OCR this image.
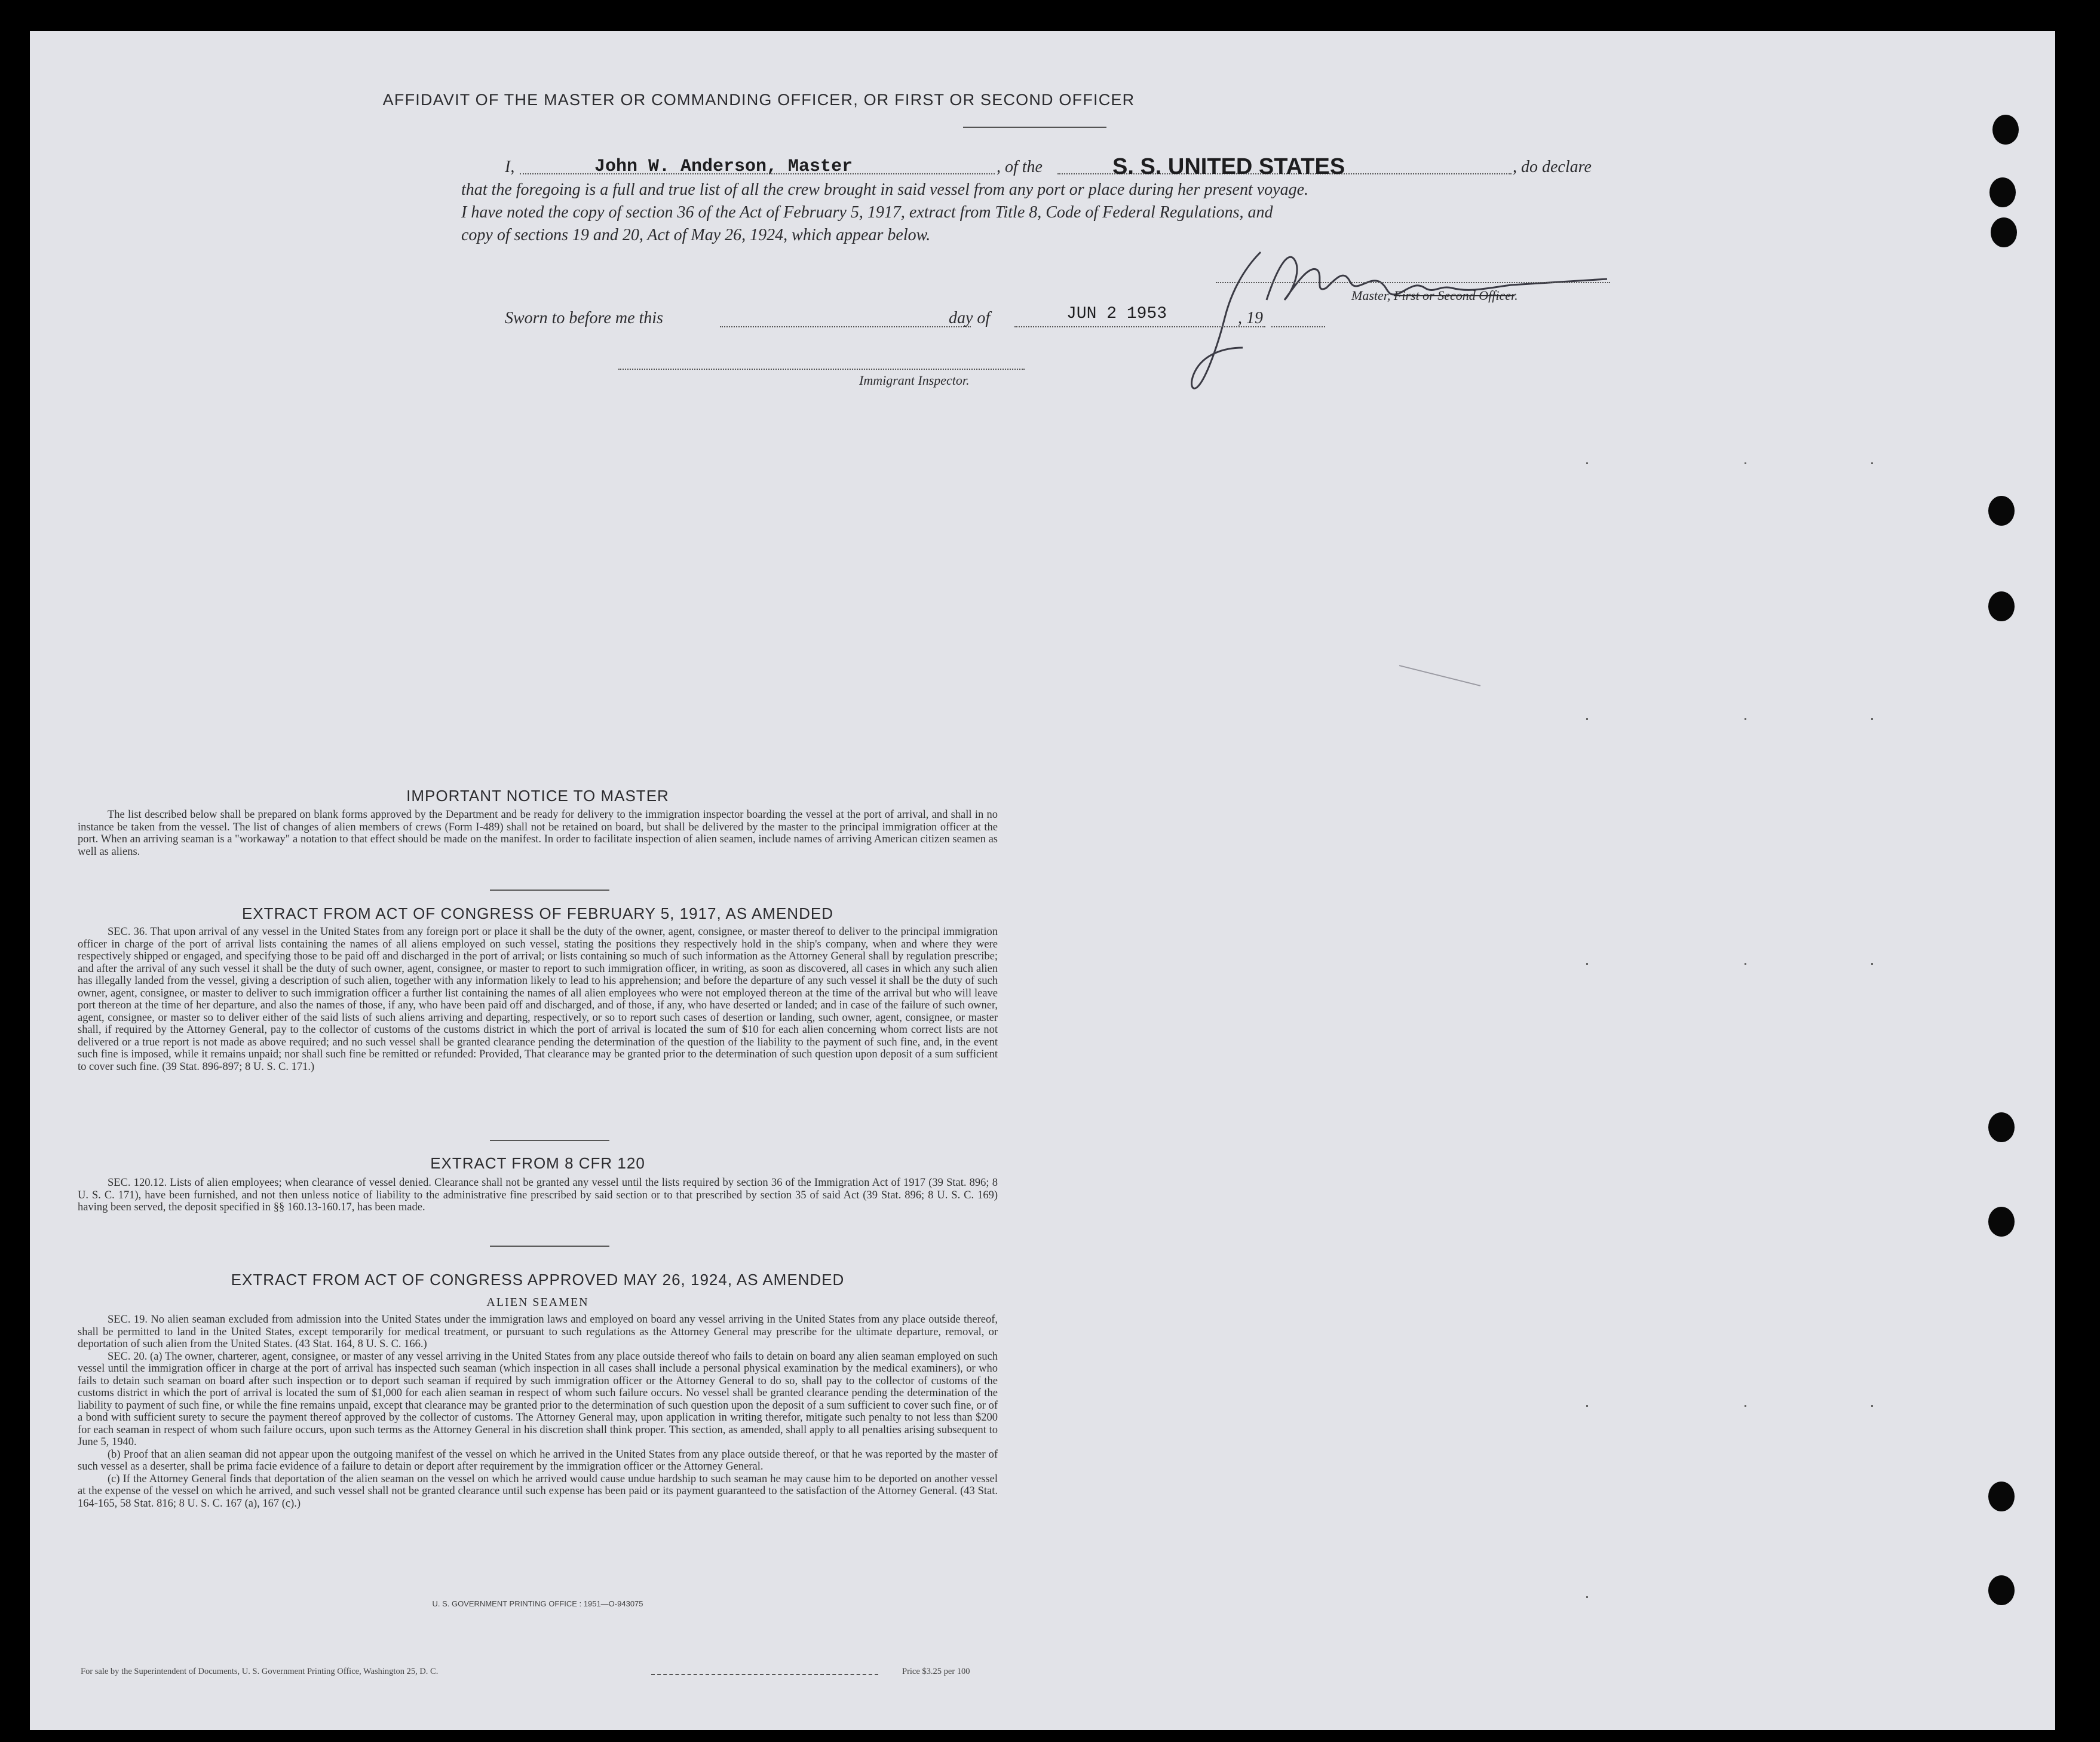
AFFIDAVIT OF THE MASTER OR COMMANDING OFFICER, OR FIRST OR SECOND OFFICER
I,	John W. Anderson, Master	, of the	S. S. UNITED STATES	, do declare
that the foregoing is a full and true list of all the crew brought in said vessel from any port or place during her present voyage.
I have noted the copy of section 36 of the Act of February 5, 1917, extract from Title 8, Code of Federal Regulations, and
copy of sections 19 and 20, Act of May 26, 1924, which appear below.
Master, First or Second Officer.
Sworn to before me this	day of	JUN 2 1953	, 19
Immigrant Inspector.
IMPORTANT NOTICE TO MASTER

The list described below shall be prepared on blank forms approved by the Department and be ready for delivery to the immigration inspector boarding the vessel at the port of arrival, and shall in no instance be taken from the vessel. The list of changes of alien members of crews (Form I-489) shall not be retained on board, but shall be delivered by the master to the principal immigration officer at the port. When an arriving seaman is a "workaway" a notation to that effect should be made on the manifest. In order to facilitate inspection of alien seamen, include names of arriving American citizen seamen as well as aliens.

EXTRACT FROM ACT OF CONGRESS OF FEBRUARY 5, 1917, AS AMENDED

SEC. 36. That upon arrival of any vessel in the United States from any foreign port or place it shall be the duty of the owner, agent, consignee, or master thereof to deliver to the principal immigration officer in charge of the port of arrival lists containing the names of all aliens employed on such vessel, stating the positions they respectively hold in the ship's company, when and where they were respectively shipped or engaged, and specifying those to be paid off and discharged in the port of arrival; or lists containing so much of such information as the Attorney General shall by regulation prescribe; and after the arrival of any such vessel it shall be the duty of such owner, agent, consignee, or master to report to such immigration officer, in writing, as soon as discovered, all cases in which any such alien has illegally landed from the vessel, giving a description of such alien, together with any information likely to lead to his apprehension; and before the departure of any such vessel it shall be the duty of such owner, agent, consignee, or master to deliver to such immigration officer a further list containing the names of all alien employees who were not employed thereon at the time of the arrival but who will leave port thereon at the time of her departure, and also the names of those, if any, who have been paid off and discharged, and of those, if any, who have deserted or landed; and in case of the failure of such owner, agent, consignee, or master so to deliver either of the said lists of such aliens arriving and departing, respectively, or so to report such cases of desertion or landing, such owner, agent, consignee, or master shall, if required by the Attorney General, pay to the collector of customs of the customs district in which the port of arrival is located the sum of $10 for each alien concerning whom correct lists are not delivered or a true report is not made as above required; and no such vessel shall be granted clearance pending the determination of the question of the liability to the payment of such fine, and, in the event such fine is imposed, while it remains unpaid; nor shall such fine be remitted or refunded: Provided, That clearance may be granted prior to the determination of such question upon deposit of a sum sufficient to cover such fine. (39 Stat. 896-897; 8 U. S. C. 171.)

EXTRACT FROM 8 CFR 120

SEC. 120.12. Lists of alien employees; when clearance of vessel denied. Clearance shall not be granted any vessel until the lists required by section 36 of the Immigration Act of 1917 (39 Stat. 896; 8 U. S. C. 171), have been furnished, and not then unless notice of liability to the administrative fine prescribed by said section or to that prescribed by section 35 of said Act (39 Stat. 896; 8 U. S. C. 169) having been served, the deposit specified in §§ 160.13-160.17, has been made.

EXTRACT FROM ACT OF CONGRESS APPROVED MAY 26, 1924, AS AMENDED
ALIEN SEAMEN

SEC. 19. No alien seaman excluded from admission into the United States under the immigration laws and employed on board any vessel arriving in the United States from any place outside thereof, shall be permitted to land in the United States, except temporarily for medical treatment, or pursuant to such regulations as the Attorney General may prescribe for the ultimate departure, removal, or deportation of such alien from the United States. (43 Stat. 164, 8 U. S. C. 166.)

SEC. 20. (a) The owner, charterer, agent, consignee, or master of any vessel arriving in the United States from any place outside thereof who fails to detain on board any alien seaman employed on such vessel until the immigration officer in charge at the port of arrival has inspected such seaman (which inspection in all cases shall include a personal physical examination by the medical examiners), or who fails to detain such seaman on board after such inspection or to deport such seaman if required by such immigration officer or the Attorney General to do so, shall pay to the collector of customs of the customs district in which the port of arrival is located the sum of $1,000 for each alien seaman in respect of whom such failure occurs. No vessel shall be granted clearance pending the determination of the liability to payment of such fine, or while the fine remains unpaid, except that clearance may be granted prior to the determination of such question upon the deposit of a sum sufficient to cover such fine, or of a bond with sufficient surety to secure the payment thereof approved by the collector of customs. The Attorney General may, upon application in writing therefor, mitigate such penalty to not less than $200 for each seaman in respect of whom such failure occurs, upon such terms as the Attorney General in his discretion shall think proper. This section, as amended, shall apply to all penalties arising subsequent to June 5, 1940.

(b) Proof that an alien seaman did not appear upon the outgoing manifest of the vessel on which he arrived in the United States from any place outside thereof, or that he was reported by the master of such vessel as a deserter, shall be prima facie evidence of a failure to detain or deport after requirement by the immigration officer or the Attorney General.

(c) If the Attorney General finds that deportation of the alien seaman on the vessel on which he arrived would cause undue hardship to such seaman he may cause him to be deported on another vessel at the expense of the vessel on which he arrived, and such vessel shall not be granted clearance until such expense has been paid or its payment guaranteed to the satisfaction of the Attorney General. (43 Stat. 164-165, 58 Stat. 816; 8 U. S. C. 167 (a), 167 (c).)

U. S. GOVERNMENT PRINTING OFFICE : 1951—O-943075
For sale by the Superintendent of Documents, U. S. Government Printing Office, Washington 25, D. C.	Price $3.25 per 100
